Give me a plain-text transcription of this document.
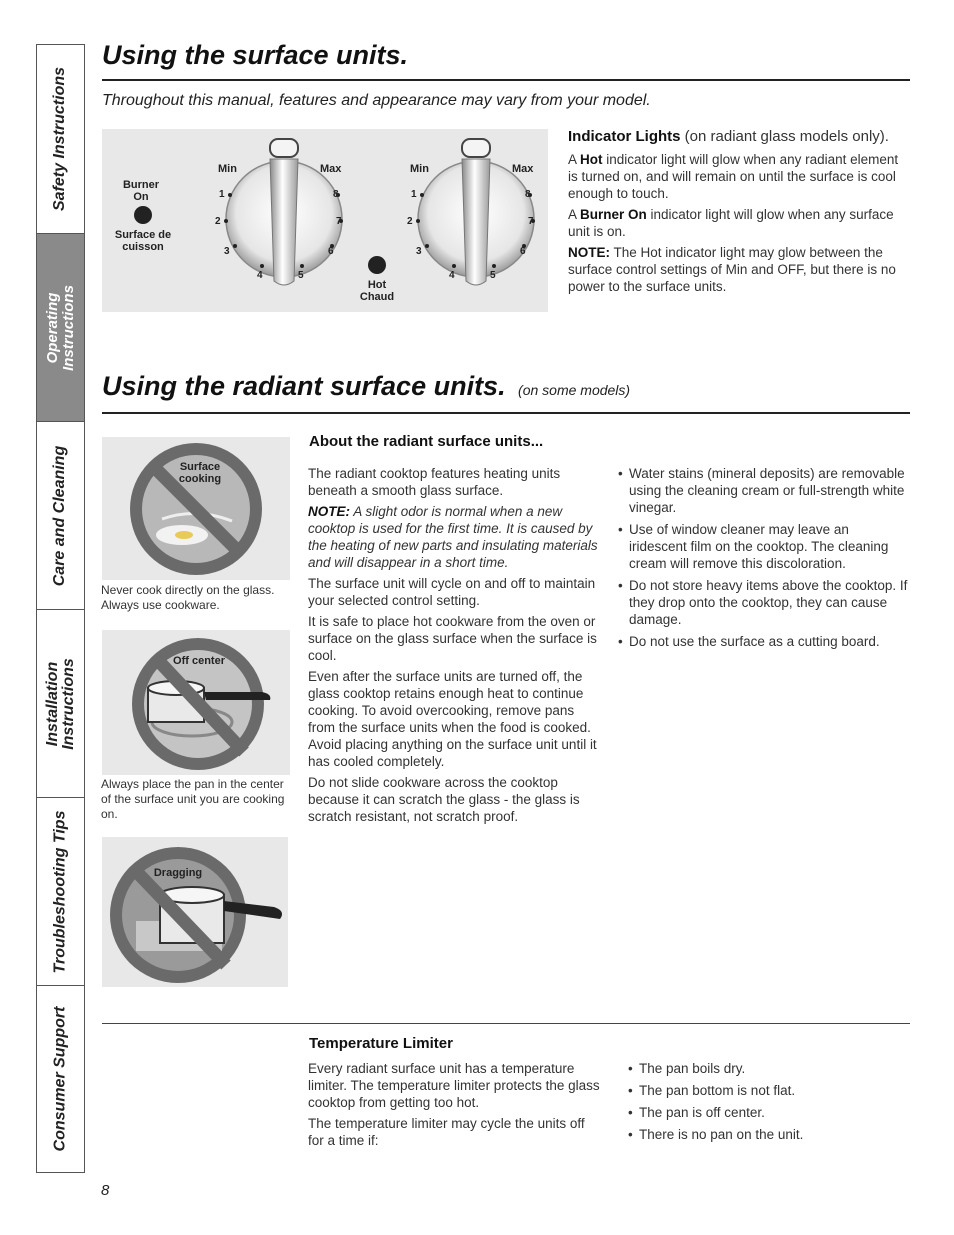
Safety Instructions
Operating Instructions
Care and Cleaning
Installation Instructions
Troubleshooting Tips
Consumer Support
Using the surface units.
Throughout this manual, features and appearance may vary from your model.
Burner On
Surface de cuisson
Hot Chaud
Min	Max	Min	Max
1
2
3
4	5
6
7
8	1
2
3
4	5
6
7
8

Indicator Lights (on radiant glass models only).

A Hot indicator light will glow when any radiant element is turned on, and will remain on until the surface is cool enough to touch.

A Burner On indicator light will glow when any surface unit is on.

NOTE: The Hot indicator light may glow between the surface control settings of Min and OFF, but there is no power to the surface units.

Using the radiant surface units. (on some models)
Surface cooking
Never cook directly on the glass. Always use cookware.
Off center
Always place the pan in the center of the surface unit you are cooking on.
Dragging
About the radiant surface units...

The radiant cooktop features heating units beneath a smooth glass surface.

NOTE: A slight odor is normal when a new cooktop is used for the first time. It is caused by the heating of new parts and insulating materials and will disappear in a short time.

The surface unit will cycle on and off to maintain your selected control setting.

It is safe to place hot cookware from the oven or surface on the glass surface when the surface is cool.

Even after the surface units are turned off, the glass cooktop retains enough heat to continue cooking. To avoid overcooking, remove pans from the surface units when the food is cooked. Avoid placing anything on the surface unit until it has cooled completely.

Do not slide cookware across the cooktop because it can scratch the glass - the glass is scratch resistant, not scratch proof.

• Water stains (mineral deposits) are removable using the cleaning cream or full-strength white vinegar.
• Use of window cleaner may leave an iridescent film on the cooktop. The cleaning cream will remove this discoloration.
• Do not store heavy items above the cooktop. If they drop onto the cooktop, they can cause damage.
• Do not use the surface as a cutting board.
Temperature Limiter

Every radiant surface unit has a temperature limiter. The temperature limiter protects the glass cooktop from getting too hot.

The temperature limiter may cycle the units off for a time if:

• The pan boils dry.
• The pan bottom is not flat.
• The pan is off center.
• There is no pan on the unit.
8
